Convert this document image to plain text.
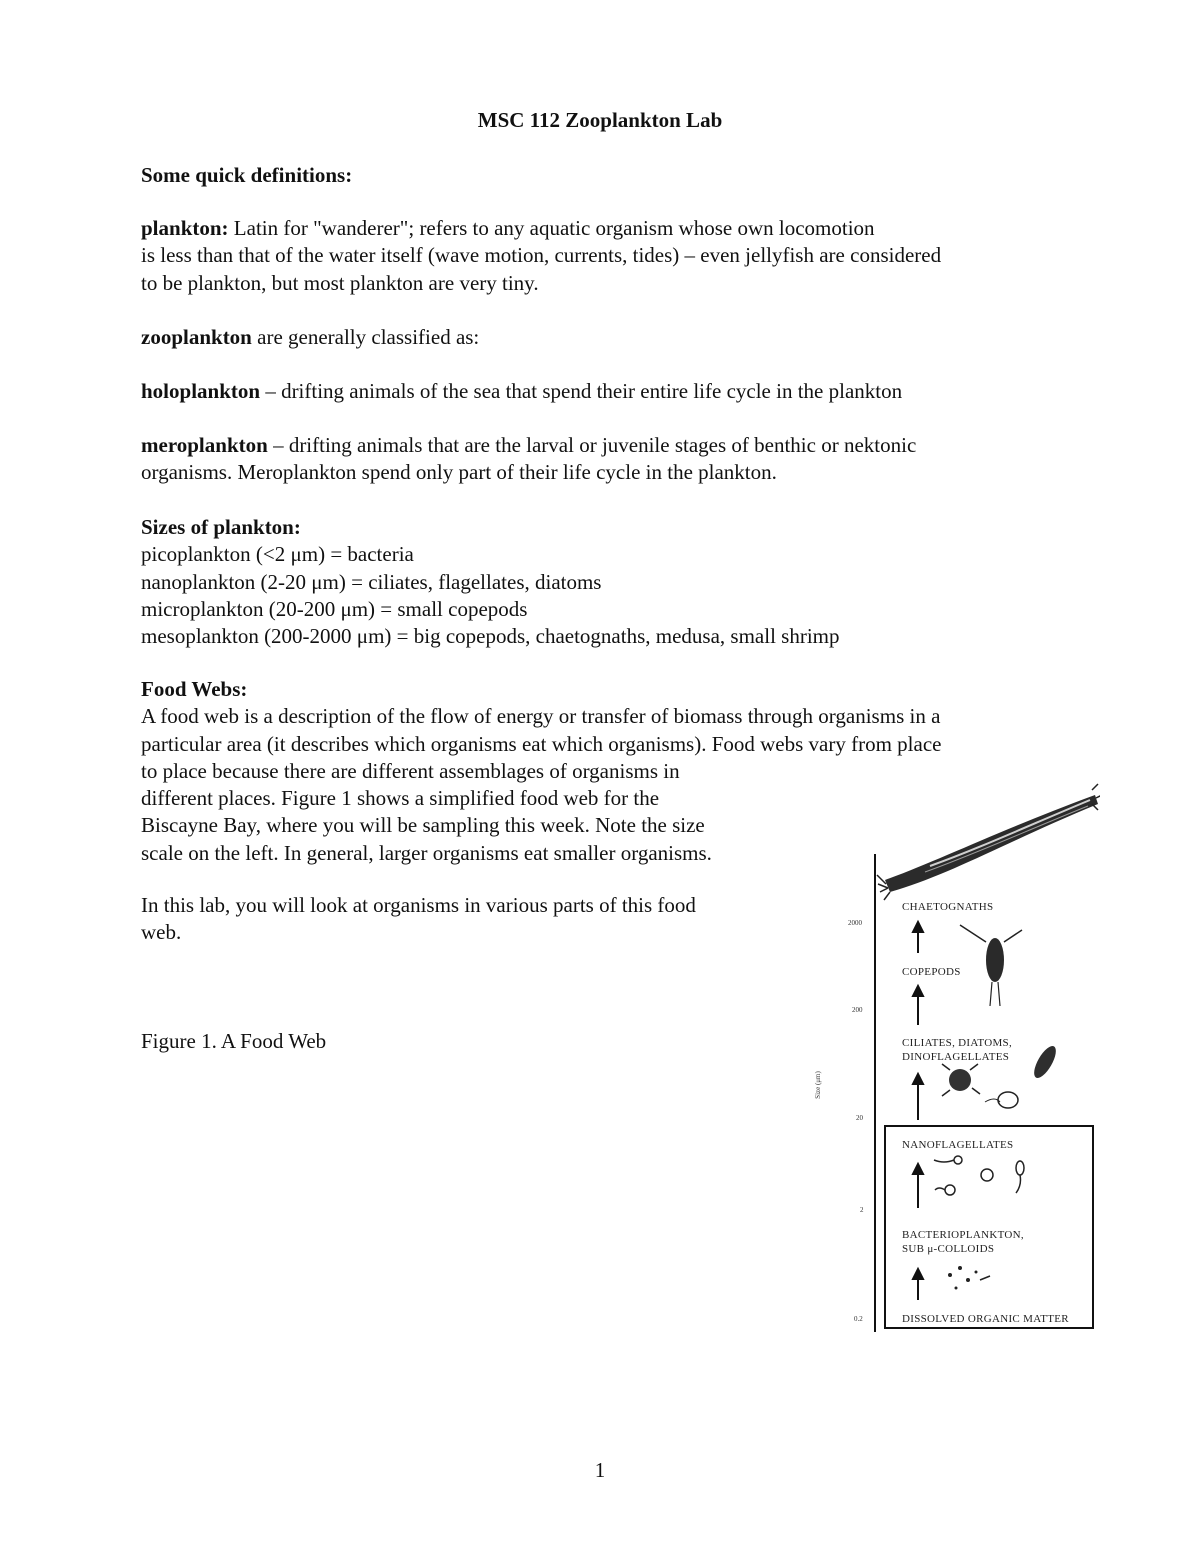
MSC 112 Zooplankton Lab

Some quick definitions:

plankton: Latin for "wanderer"; refers to any aquatic organism whose own locomotion
is less than that of the water itself (wave motion, currents, tides) – even jellyfish are considered
to be plankton, but most plankton are very tiny.
zooplankton are generally classified as:
holoplankton – drifting animals of the sea that spend their entire life cycle in the plankton
meroplankton – drifting animals that are the larval or juvenile stages of benthic or nektonic
organisms. Meroplankton spend only part of their life cycle in the plankton.
Sizes of plankton:
picoplankton (<2 μm) = bacteria
nanoplankton (2-20 μm) = ciliates, flagellates, diatoms
microplankton (20-200 μm) = small copepods
mesoplankton (200-2000 μm) = big copepods, chaetognaths, medusa, small shrimp
Food Webs:
A food web is a description of the flow of energy or transfer of biomass through organisms in a
particular area (it describes which organisms eat which organisms). Food webs vary from place
to place because there are different assemblages of organisms in
different places. Figure 1 shows a simplified food web for the
Biscayne Bay, where you will be sampling this week. Note the size
scale on the left. In general, larger organisms eat smaller organisms.
In this lab, you will look at organisms in various parts of this food
web.
Figure 1. A Food Web
Size (μm)
2000
200
20
2
0.2
CHAETOGNATHS
COPEPODS
CILIATES, DIATOMS,
DINOFLAGELLATES
NANOFLAGELLATES
BACTERIOPLANKTON,
SUB μ-COLLOIDS
DISSOLVED ORGANIC MATTER
1
